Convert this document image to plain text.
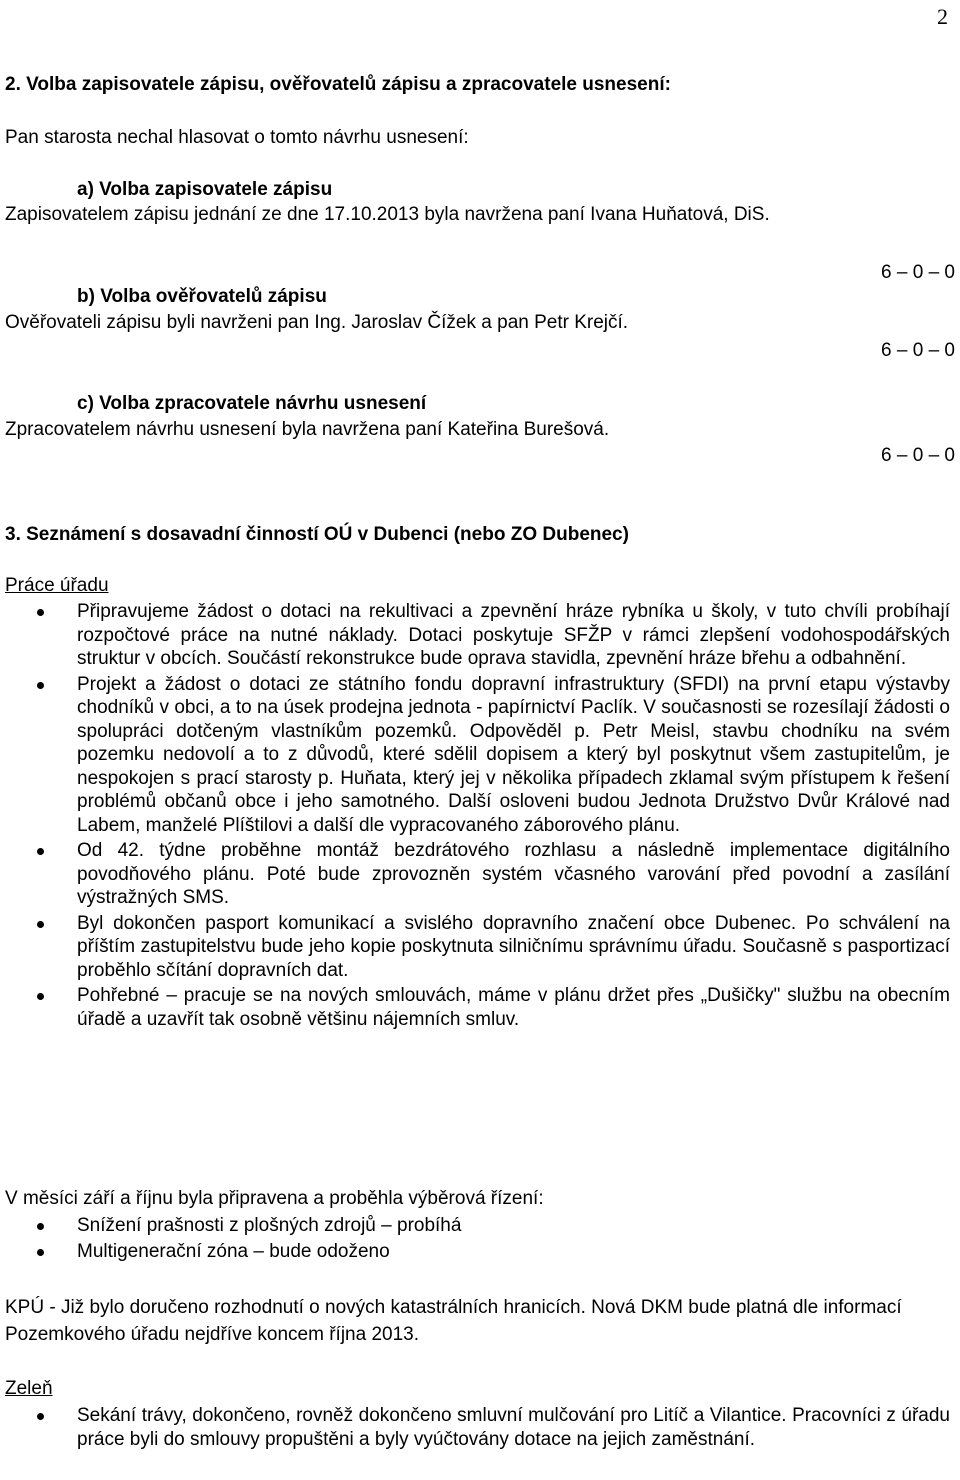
2
2. Volba zapisovatele zápisu, ověřovatelů zápisu a zpracovatele usnesení:
Pan starosta nechal hlasovat o tomto návrhu usnesení:
a) Volba zapisovatele zápisu
Zapisovatelem zápisu jednání ze dne 17.10.2013 byla navržena paní Ivana Huňatová, DiS.
6 – 0 – 0
b) Volba ověřovatelů zápisu
Ověřovateli zápisu byli navrženi pan Ing. Jaroslav Čížek a pan Petr Krejčí.
6 – 0 – 0
c) Volba zpracovatele návrhu usnesení
Zpracovatelem návrhu usnesení byla navržena paní Kateřina Burešová.
6 – 0 – 0
3. Seznámení s dosavadní činností OÚ v Dubenci (nebo ZO Dubenec)
Práce úřadu
Připravujeme žádost o dotaci na rekultivaci a zpevnění hráze rybníka u školy, v tuto chvíli probíhají rozpočtové práce na nutné náklady. Dotaci poskytuje SFŽP v rámci zlepšení vodohospodářských struktur v obcích. Součástí rekonstrukce bude oprava stavidla, zpevnění hráze břehu a odbahnění.
Projekt a žádost o dotaci ze státního fondu dopravní infrastruktury (SFDI) na první etapu výstavby chodníků v obci, a to na úsek prodejna jednota - papírnictví Paclík. V současnosti se rozesílají žádosti o spolupráci dotčeným vlastníkům pozemků. Odpověděl p. Petr Meisl, stavbu chodníku na svém pozemku nedovolí a to z důvodů, které sdělil dopisem a který byl poskytnut všem zastupitelům, je nespokojen s prací starosty p. Huňata, který jej v několika případech zklamal svým přístupem k řešení problémů občanů obce i jeho samotného. Další osloveni budou Jednota Družstvo Dvůr Králové nad Labem, manželé Plíštilovi a další dle vypracovaného záborového plánu.
Od 42. týdne proběhne montáž bezdrátového rozhlasu a následně implementace digitálního povodňového plánu. Poté bude zprovozněn systém včasného varování před povodní a zasílání výstražných SMS.
Byl dokončen pasport komunikací a svislého dopravního značení obce Dubenec. Po schválení na příštím zastupitelstvu bude jeho kopie poskytnuta silničnímu správnímu úřadu. Současně s pasportizací proběhlo sčítání dopravních dat.
Pohřebné – pracuje se na nových smlouvách, máme v plánu držet přes „Dušičky" službu na obecním úřadě a uzavřít tak osobně většinu nájemních smluv.
V měsíci září a říjnu byla připravena a proběhla výběrová řízení:
Snížení prašnosti z plošných zdrojů – probíhá
Multigenerační zóna – bude odoženo
KPÚ - Již bylo doručeno rozhodnutí o nových katastrálních hranicích. Nová DKM bude platná dle informací Pozemkového úřadu nejdříve koncem října 2013.
Zeleň
Sekání trávy, dokončeno, rovněž dokončeno smluvní mulčování pro Litíč a Vilantice. Pracovníci z úřadu práce byli do smlouvy propuštěni a byly vyúčtovány dotace na jejich zaměstnání.
